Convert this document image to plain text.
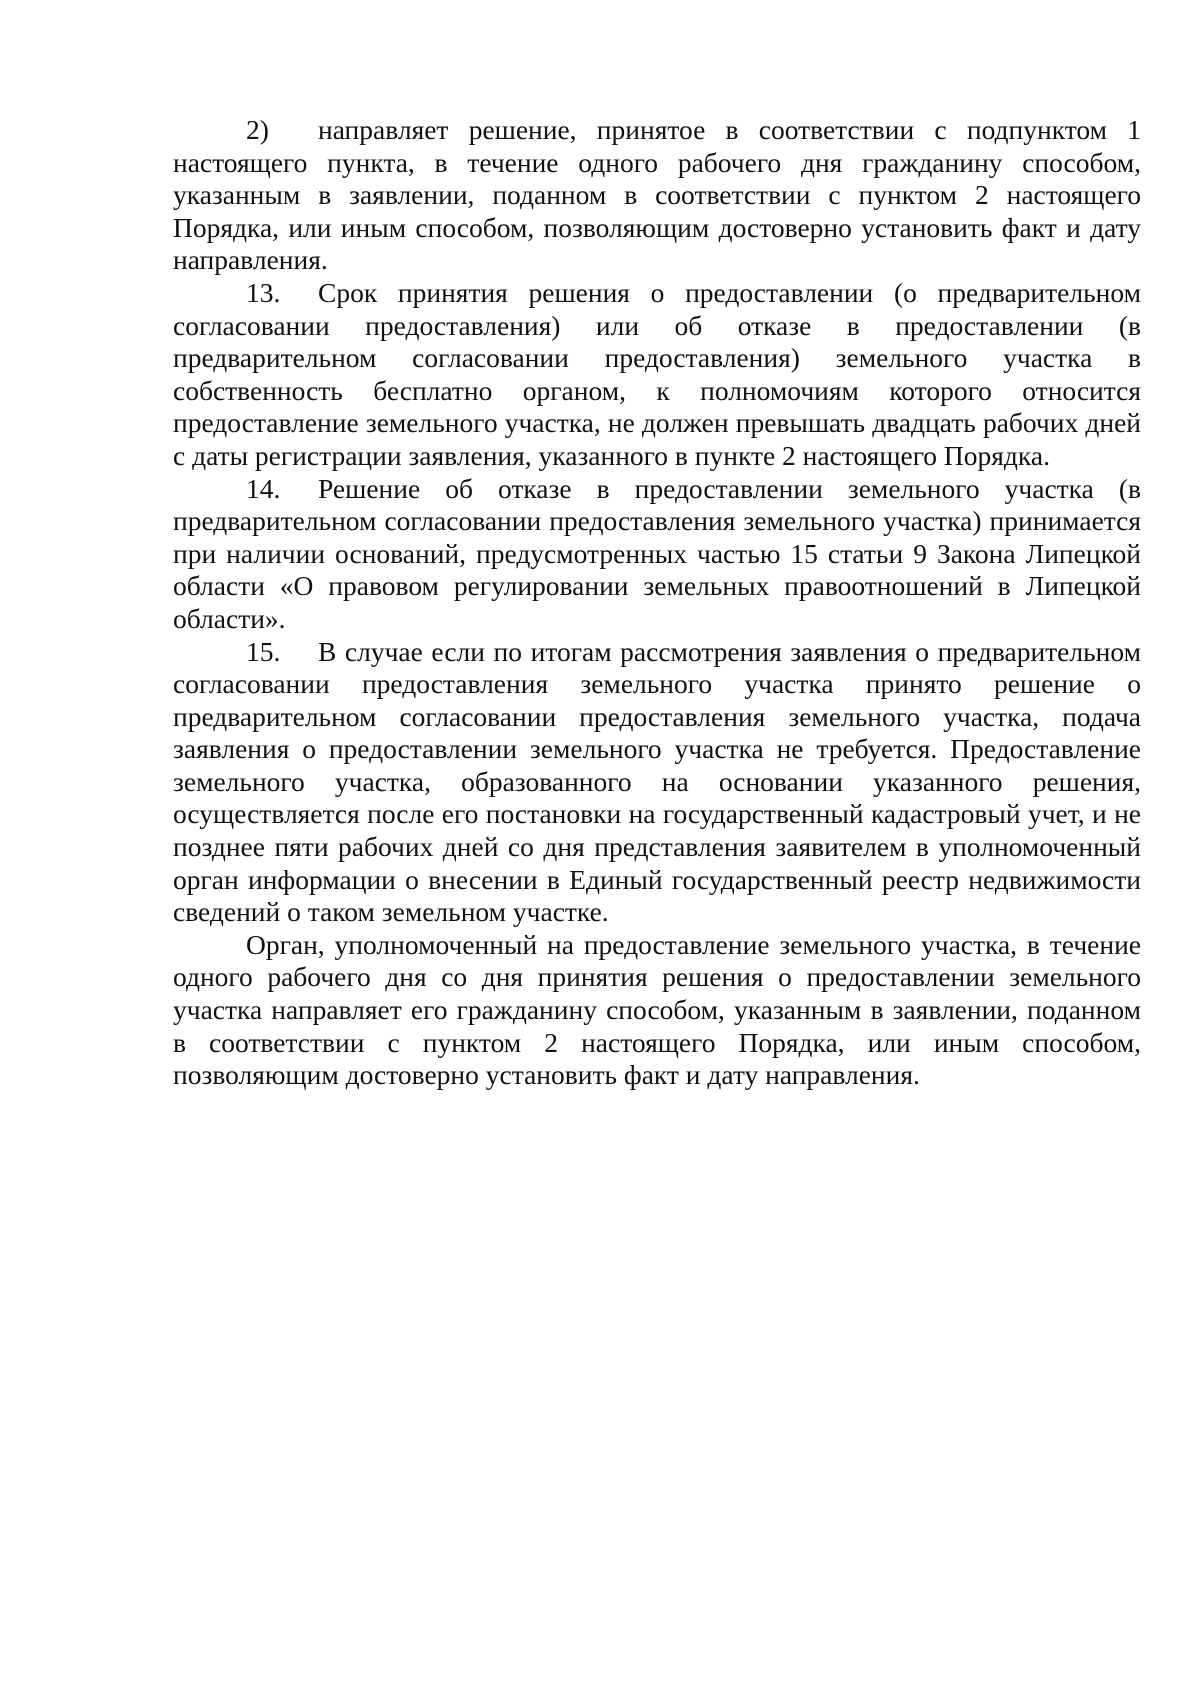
2) направляет решение, принятое в соответствии с подпунктом 1 настоящего пункта, в течение одного рабочего дня гражданину способом, указанным в заявлении, поданном в соответствии с пунктом 2 настоящего Порядка, или иным способом, позволяющим достоверно установить факт и дату направления.

13. Срок принятия решения о предоставлении (о предварительном согласовании предоставления) или об отказе в предоставлении (в предварительном согласовании предоставления) земельного участка в собственность бесплатно органом, к полномочиям которого относится предоставление земельного участка, не должен превышать двадцать рабочих дней с даты регистрации заявления, указанного в пункте 2 настоящего Порядка.

14. Решение об отказе в предоставлении земельного участка (в предварительном согласовании предоставления земельного участка) принимается при наличии оснований, предусмотренных частью 15 статьи 9 Закона Липецкой области «О правовом регулировании земельных правоотношений в Липецкой области».

15. В случае если по итогам рассмотрения заявления о предварительном согласовании предоставления земельного участка принято решение о предварительном согласовании предоставления земельного участка, подача заявления о предоставлении земельного участка не требуется. Предоставление земельного участка, образованного на основании указанного решения, осуществляется после его постановки на государственный кадастровый учет, и не позднее пяти рабочих дней со дня представления заявителем в уполномоченный орган информации о внесении в Единый государственный реестр недвижимости сведений о таком земельном участке.

Орган, уполномоченный на предоставление земельного участка, в течение одного рабочего дня со дня принятия решения о предоставлении земельного участка направляет его гражданину способом, указанным в заявлении, поданном в соответствии с пунктом 2 настоящего Порядка, или иным способом, позволяющим достоверно установить факт и дату направления.
